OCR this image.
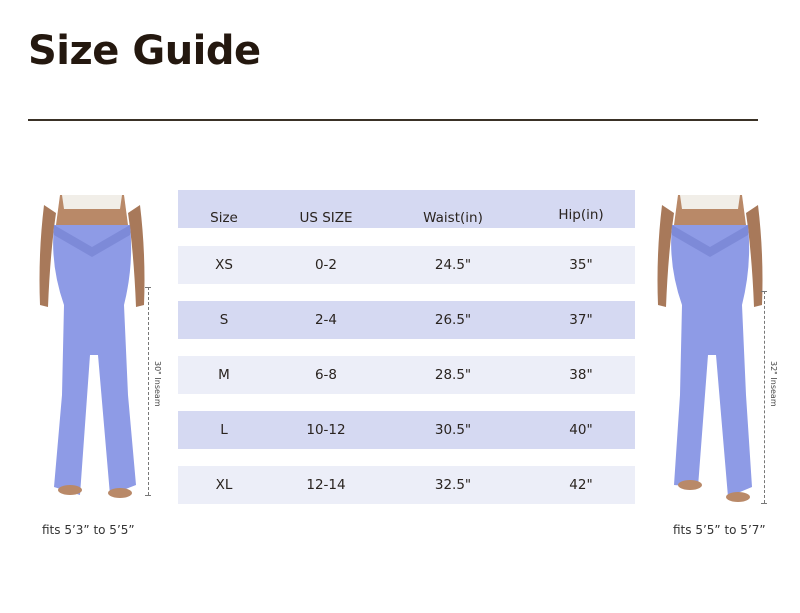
Size Guide
30" Inseam
fits 5’3” to 5’5”
Size	US SIZE	Waist(in)	Hip(in)
XS	0-2	24.5"	35"
S	2-4	26.5"	37"
M	6-8	28.5"	38"
L	10-12	30.5"	40"
XL	12-14	32.5"	42"
32" Inseam
fits 5’5” to 5’7”
